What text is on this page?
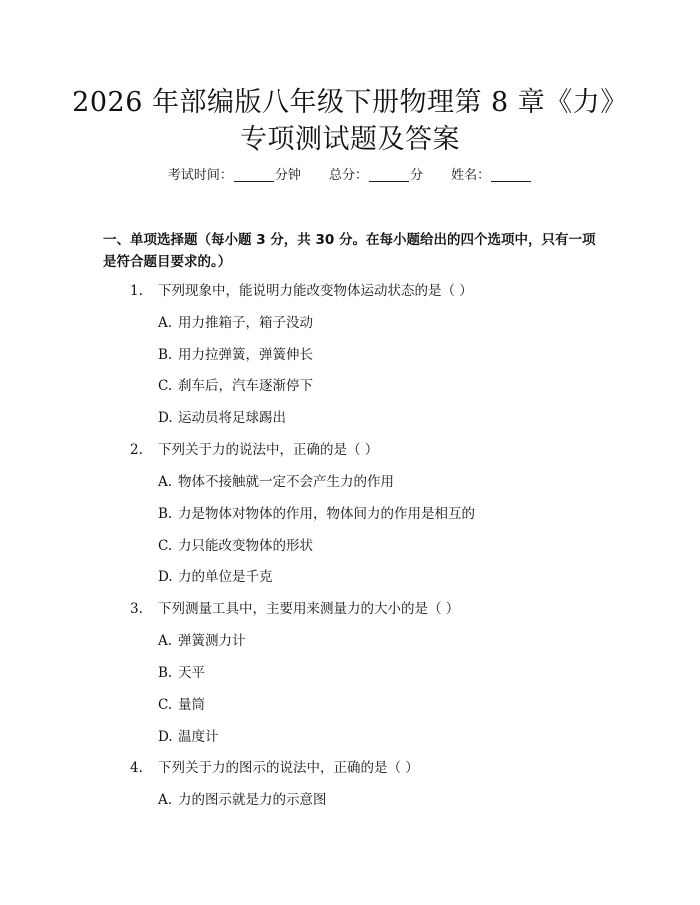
2026 年部编版八年级下册物理第 8 章《力》
专项测试题及答案
考试时间：	分钟 总分：	分 姓名：
一、单项选择题（每小题 3 分，共 30 分。在每小题给出的四个选项中，只有一项是符合题目要求的。）
1. 下列现象中，能说明力能改变物体运动状态的是（ ）
A. 用力推箱子，箱子没动
B. 用力拉弹簧，弹簧伸长
C. 刹车后，汽车逐渐停下
D. 运动员将足球踢出
2. 下列关于力的说法中，正确的是（ ）
A. 物体不接触就一定不会产生力的作用
B. 力是物体对物体的作用，物体间力的作用是相互的
C. 力只能改变物体的形状
D. 力的单位是千克
3. 下列测量工具中，主要用来测量力的大小的是（ ）
A. 弹簧测力计
B. 天平
C. 量筒
D. 温度计
4. 下列关于力的图示的说法中，正确的是（ ）
A. 力的图示就是力的示意图
